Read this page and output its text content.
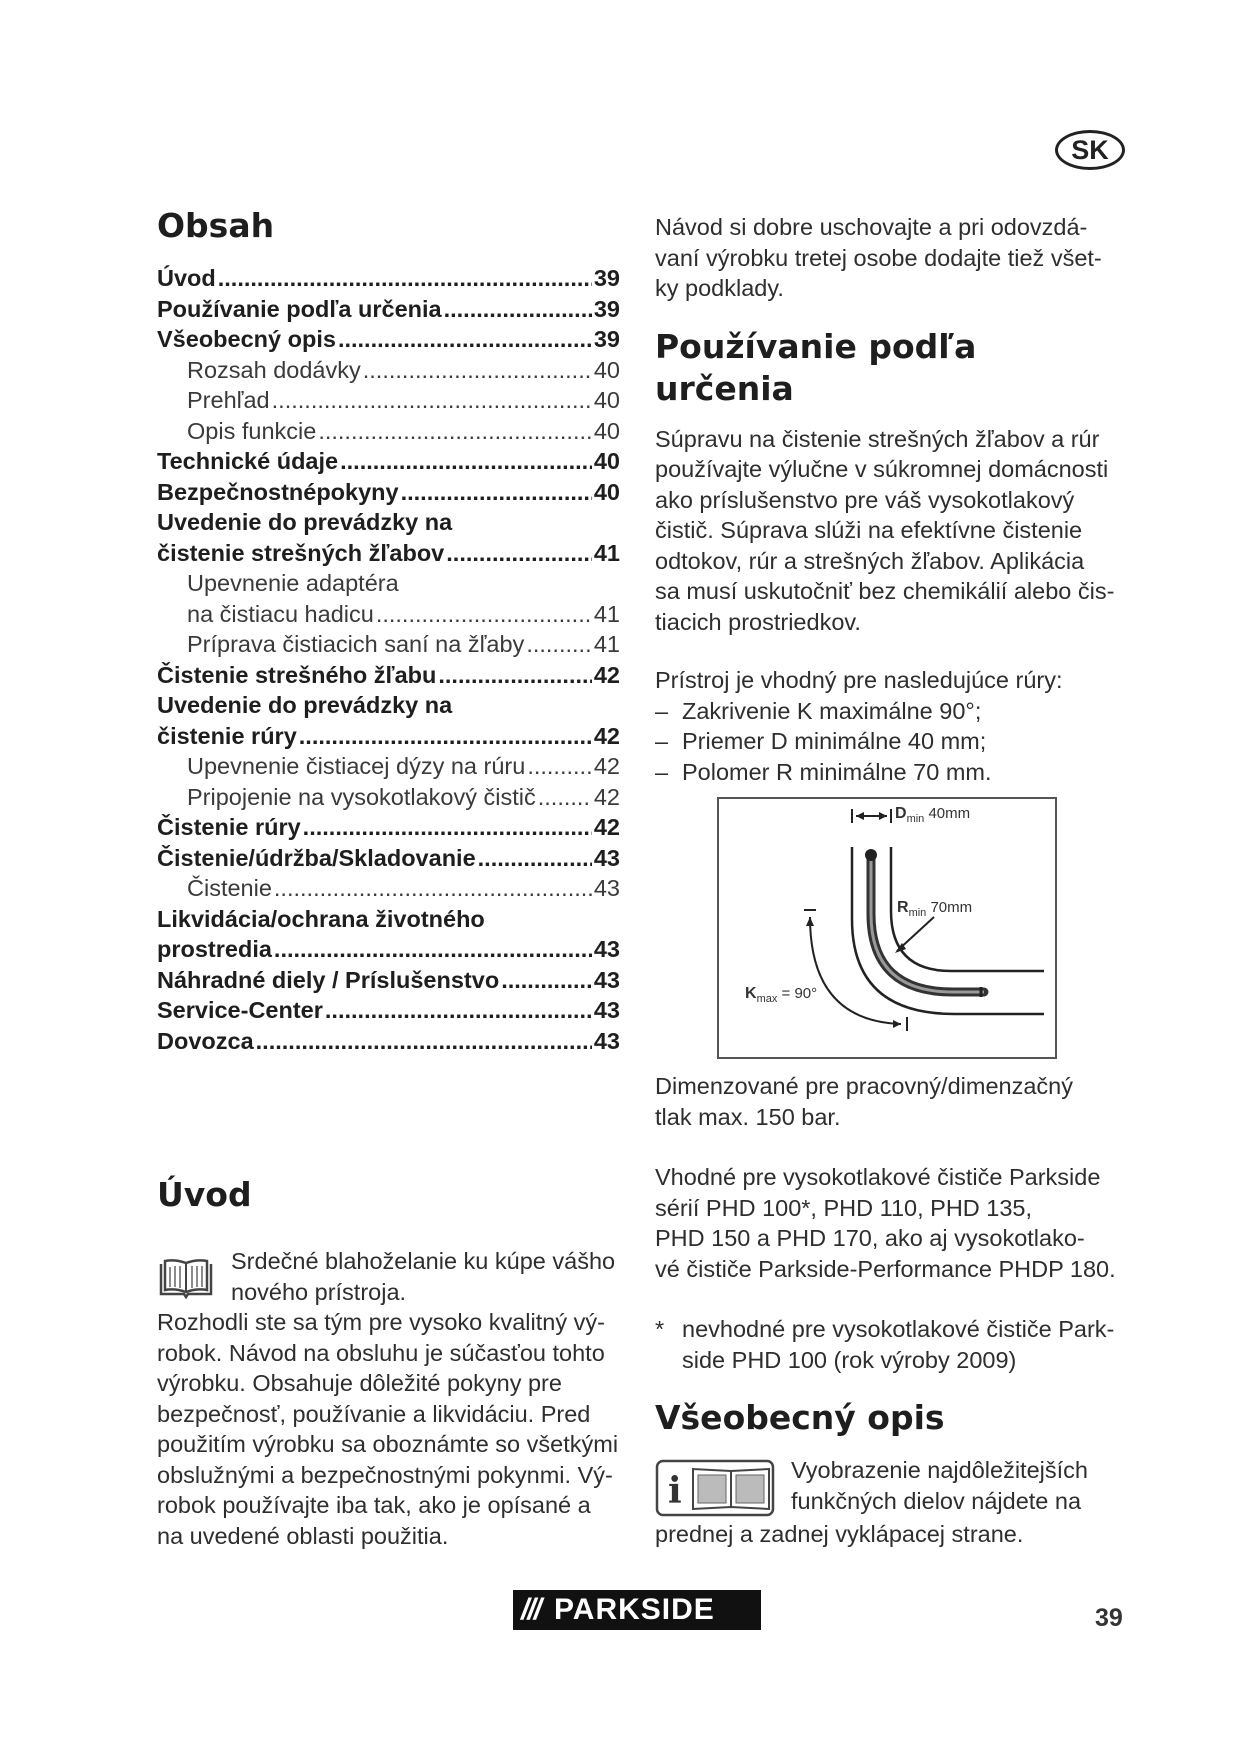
SK
Obsah
Úvod .....	39
Používanie podľa určenia .....	39
Všeobecný opis .....	39
Rozsah dodávky .....	40
Prehľad .....	40
Opis funkcie .....	40
Technické údaje .....	40
Bezpečnostnépokyny .....	40
Uvedenie do prevádzky na
čistenie strešných žľabov .....	41
Upevnenie adaptéra
na čistiacu hadicu .....	41
Príprava čistiacich saní na žľaby .....	41
Čistenie strešného žľabu .....	42
Uvedenie do prevádzky na
čistenie rúry .....	42
Upevnenie čistiacej dýzy na rúru .....	42
Pripojenie na vysokotlakový čistič ..... 42
Čistenie rúry .....	42
Čistenie/údržba/Skladovanie .....	43
Čistenie .....	43
Likvidácia/ochrana životného
prostredia .....	43
Náhradné diely / Príslušenstvo .....	43
Service-Center .....	43
Dovozca .....	43
Úvod

Srdečné blahoželanie ku kúpe vášho

nového prístroja.

Rozhodli ste sa tým pre vysoko kvalitný vý-

robok. Návod na obsluhu je súčasťou tohto

výrobku. Obsahuje dôležité pokyny pre

bezpečnosť, používanie a likvidáciu. Pred

použitím výrobku sa oboznámte so všetkými

obslužnými a bezpečnostnými pokynmi. Vý-

robok používajte iba tak, ako je opísané a

na uvedené oblasti použitia.

Návod si dobre uschovajte a pri odovzdá-

vaní výrobku tretej osobe dodajte tiež všet-

ky podklady.

Používanie podľa
určenia

Súpravu na čistenie strešných žľabov a rúr

používajte výlučne v súkromnej domácnosti

ako príslušenstvo pre váš vysokotlakový

čistič. Súprava slúži na efektívne čistenie

odtokov, rúr a strešných žľabov. Aplikácia

sa musí uskutočniť bez chemikálií alebo čis-

tiacich prostriedkov.

Prístroj je vhodný pre nasledujúce rúry:

– Zakrivenie K maximálne 90°;
– Priemer D minimálne 40 mm;
– Polomer R minimálne 70 mm.
$D_{min}$ 40mm
$R_{min}$ 70mm
$K_{max} = 90^\circ$

Dimenzované pre pracovný/dimenzačný

tlak max. 150 bar.

Vhodné pre vysokotlakové čističe Parkside

sérií PHD 100*, PHD 110, PHD 135,

PHD 150 a PHD 170, ako aj vysokotlako-

vé čističe Parkside-Performance PHDP 180.

* nevhodné pre vysokotlakové čističe Park-

side PHD 100 (rok výroby 2009)

Všeobecný opis
i	Vyobrazenie najdôležitejších

funkčných dielov nájdete na

prednej a zadnej vyklápacej strane.

/// PARKSIDE	39
